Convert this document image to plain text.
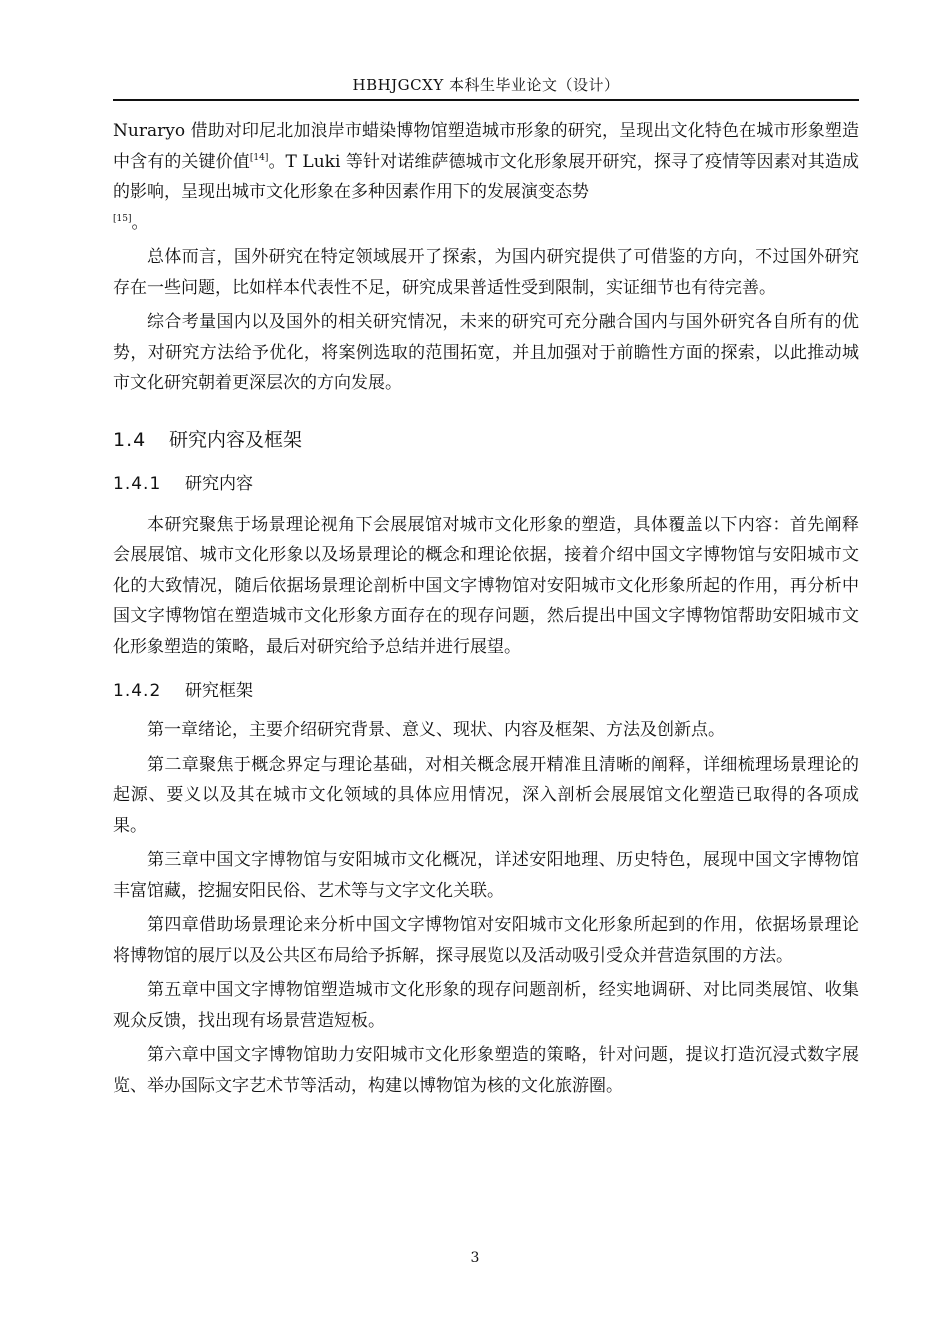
HBHJGCXY 本科生毕业论文（设计）

Nuraryo 借助对印尼北加浪岸市蜡染博物馆塑造城市形象的研究，呈现出文化特色在城市形象塑造中含有的关键价值[14]。T Luki 等针对诺维萨德城市文化形象展开研究，探寻了疫情等因素对其造成的影响，呈现出城市文化形象在多种因素作用下的发展演变态势
[15]。

总体而言，国外研究在特定领域展开了探索，为国内研究提供了可借鉴的方向，不过国外研究存在一些问题，比如样本代表性不足，研究成果普适性受到限制，实证细节也有待完善。

综合考量国内以及国外的相关研究情况，未来的研究可充分融合国内与国外研究各自所有的优势，对研究方法给予优化，将案例选取的范围拓宽，并且加强对于前瞻性方面的探索，以此推动城市文化研究朝着更深层次的方向发展。

1.4 研究内容及框架
1.4.1 研究内容

本研究聚焦于场景理论视角下会展展馆对城市文化形象的塑造，具体覆盖以下内容：首先阐释会展展馆、城市文化形象以及场景理论的概念和理论依据，接着介绍中国文字博物馆与安阳城市文化的大致情况，随后依据场景理论剖析中国文字博物馆对安阳城市文化形象所起的作用，再分析中国文字博物馆在塑造城市文化形象方面存在的现存问题，然后提出中国文字博物馆帮助安阳城市文化形象塑造的策略，最后对研究给予总结并进行展望。

1.4.2 研究框架

第一章绪论，主要介绍研究背景、意义、现状、内容及框架、方法及创新点。

第二章聚焦于概念界定与理论基础，对相关概念展开精准且清晰的阐释，详细梳理场景理论的起源、要义以及其在城市文化领域的具体应用情况，深入剖析会展展馆文化塑造已取得的各项成果。

第三章中国文字博物馆与安阳城市文化概况，详述安阳地理、历史特色，展现中国文字博物馆丰富馆藏，挖掘安阳民俗、艺术等与文字文化关联。

第四章借助场景理论来分析中国文字博物馆对安阳城市文化形象所起到的作用，依据场景理论将博物馆的展厅以及公共区布局给予拆解，探寻展览以及活动吸引受众并营造氛围的方法。

第五章中国文字博物馆塑造城市文化形象的现存问题剖析，经实地调研、对比同类展馆、收集观众反馈，找出现有场景营造短板。

第六章中国文字博物馆助力安阳城市文化形象塑造的策略，针对问题，提议打造沉浸式数字展览、举办国际文字艺术节等活动，构建以博物馆为核的文化旅游圈。

3
